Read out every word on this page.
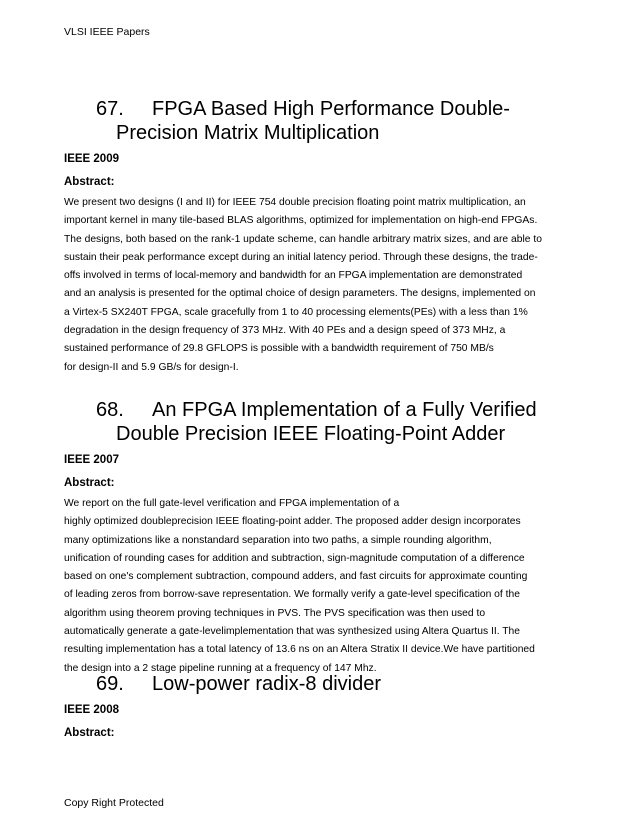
VLSI IEEE Papers
67.	FPGA Based High Performance Double-
Precision Matrix Multiplication
IEEE 2009
Abstract:
We present two designs (I and II) for IEEE 754 double precision floating point matrix multiplication, an
important kernel in many tile-based BLAS algorithms, optimized for implementation on high-end FPGAs.
The designs, both based on the rank-1 update scheme, can handle arbitrary matrix sizes, and are able to
sustain their peak performance except during an initial latency period. Through these designs, the trade-
offs involved in terms of local-memory and bandwidth for an FPGA implementation are demonstrated
and an analysis is presented for the optimal choice of design parameters. The designs, implemented on
a Virtex-5 SX240T FPGA, scale gracefully from 1 to 40 processing elements(PEs) with a less than 1%
degradation in the design frequency of 373 MHz. With 40 PEs and a design speed of 373 MHz, a
sustained performance of 29.8 GFLOPS is possible with a bandwidth requirement of 750 MB/s
for design-II and 5.9 GB/s for design-I.
68.	An FPGA Implementation of a Fully Verified
Double Precision IEEE Floating-Point Adder
IEEE 2007
Abstract:
We report on the full gate-level verification and FPGA implementation of a
highly optimized doubleprecision IEEE floating-point adder. The proposed adder design incorporates
many optimizations like a nonstandard separation into two paths, a simple rounding algorithm,
unification of rounding cases for addition and subtraction, sign-magnitude computation of a difference
based on one's complement subtraction, compound adders, and fast circuits for approximate counting
of leading zeros from borrow-save representation. We formally verify a gate-level specification of the
algorithm using theorem proving techniques in PVS. The PVS specification was then used to
automatically generate a gate-levelimplementation that was synthesized using Altera Quartus II. The
resulting implementation has a total latency of 13.6 ns on an Altera Stratix II device.We have partitioned
the design into a 2 stage pipeline running at a frequency of 147 Mhz.
69.	Low-power radix-8 divider
IEEE 2008
Abstract:
Copy Right Protected
